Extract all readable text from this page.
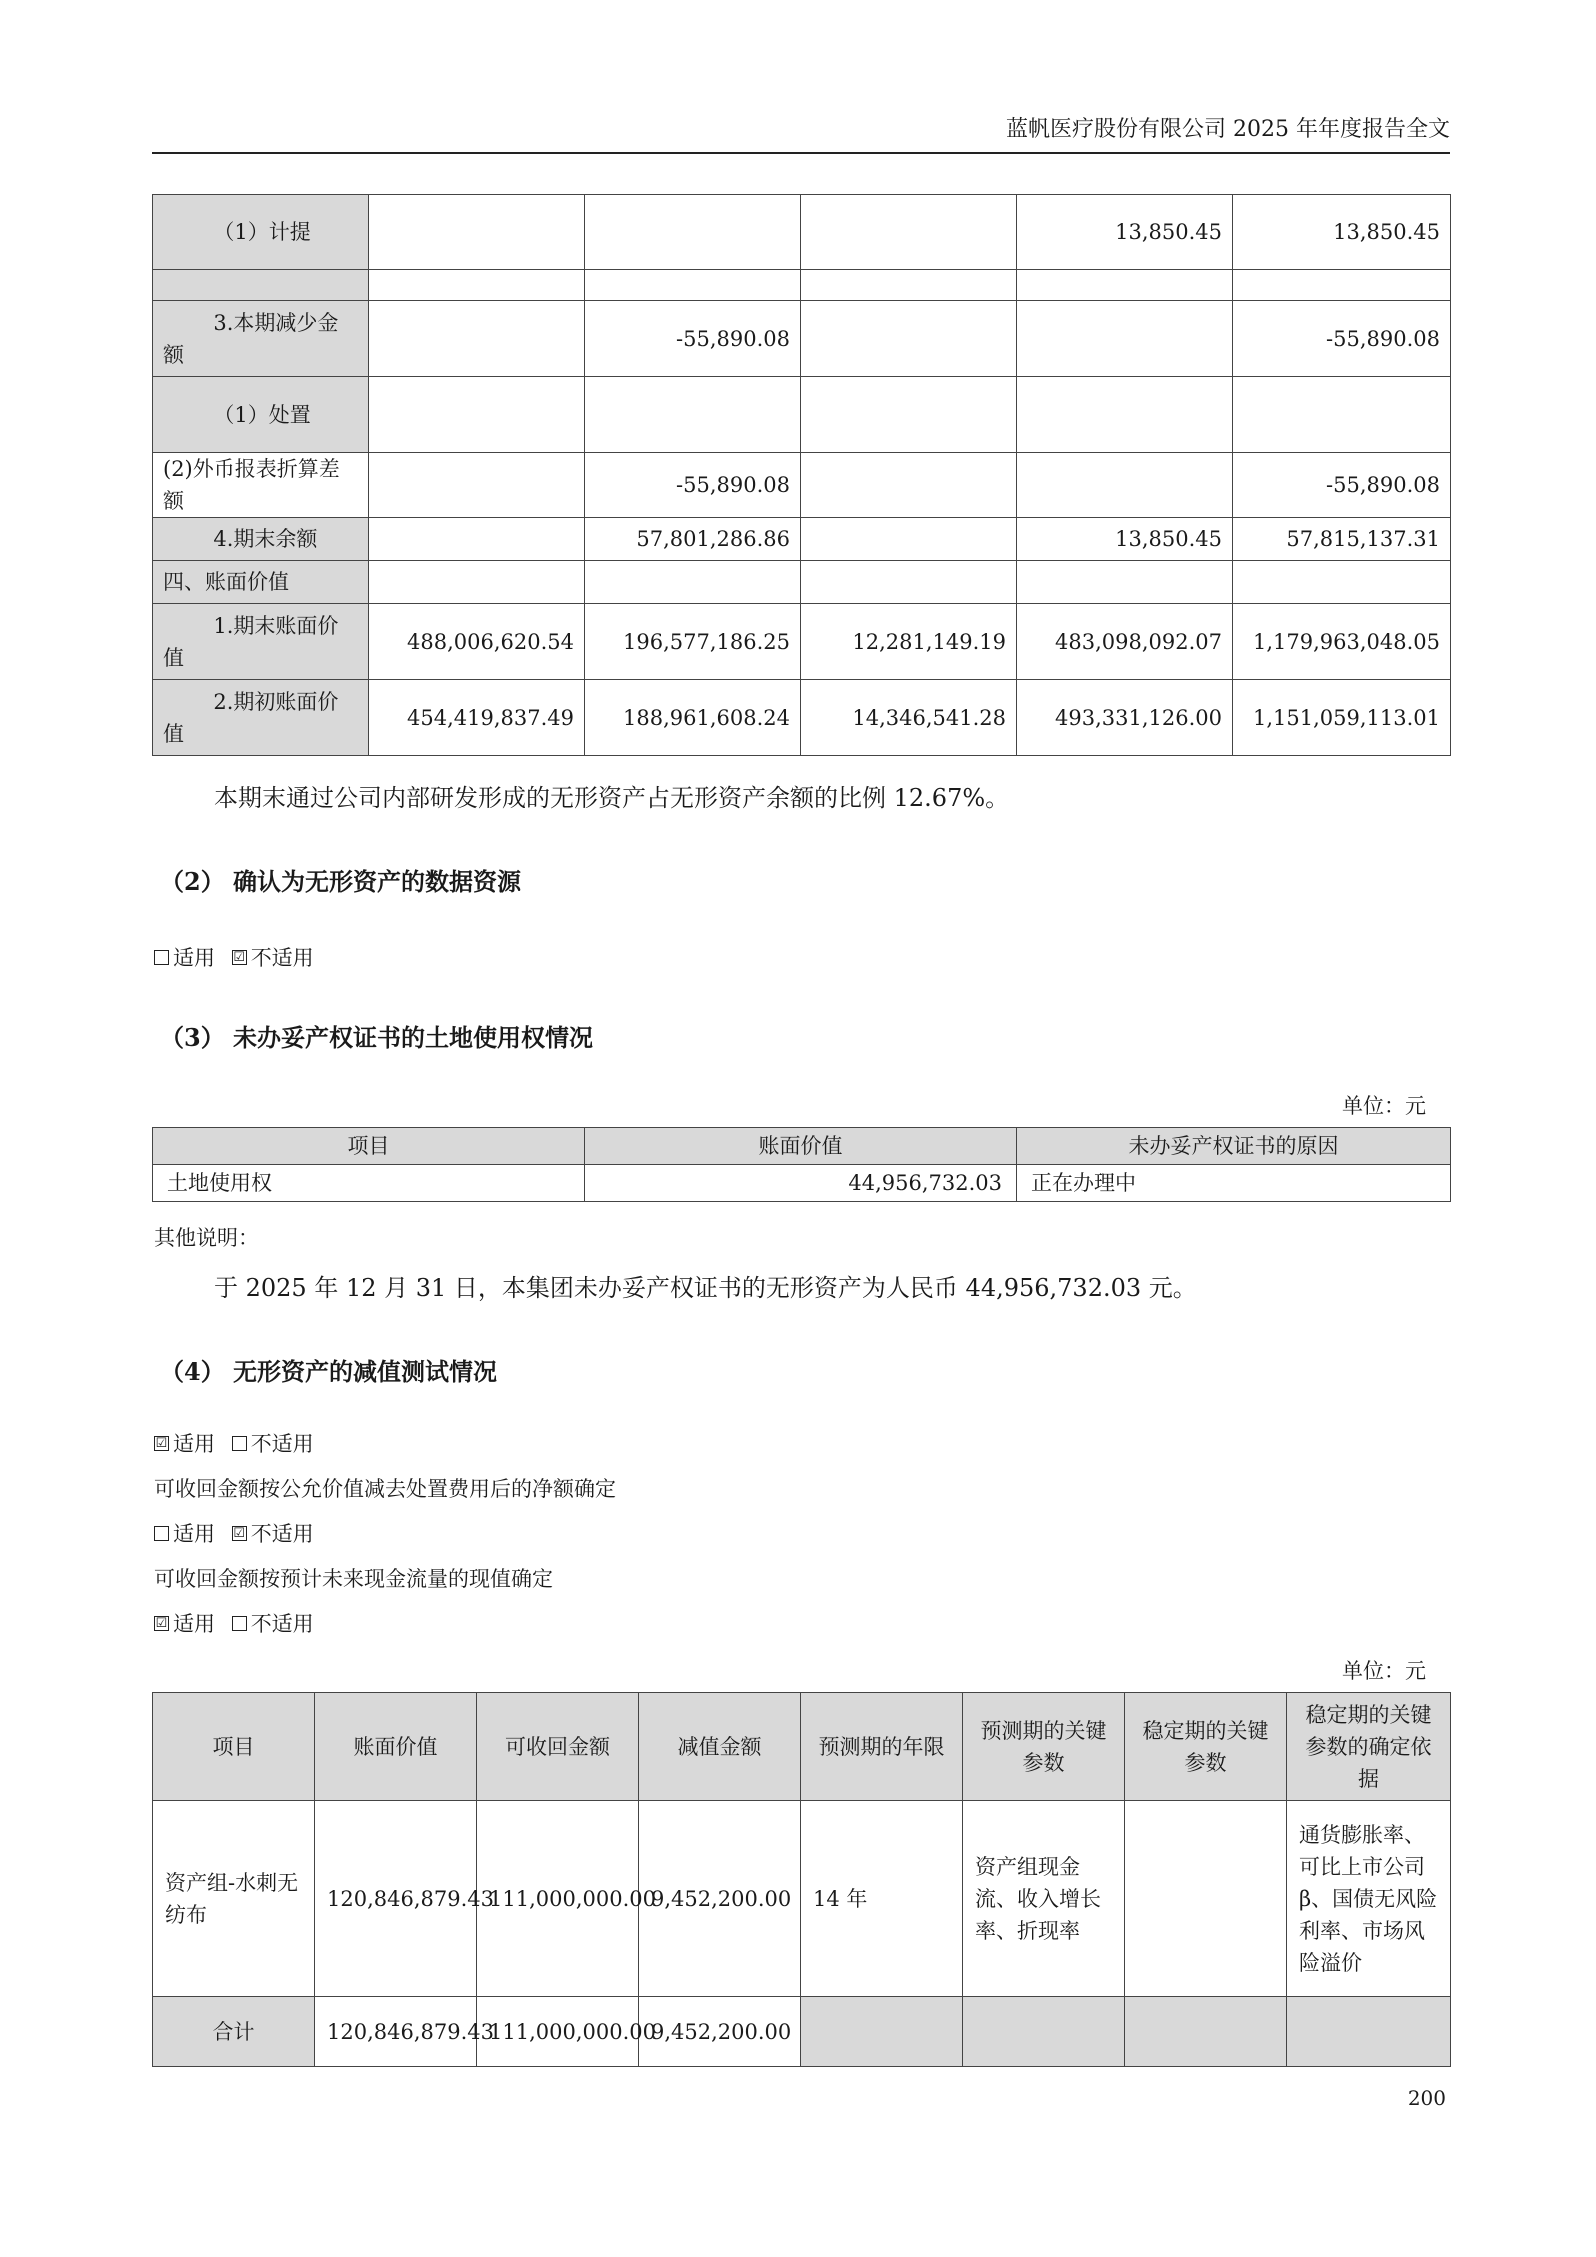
蓝帆医疗股份有限公司 2025 年年度报告全文
（1）计提				13,850.45	13,850.45

3.本期减少金额		-55,890.08			-55,890.08
（1）处置					
(2)外币报表折算差额		-55,890.08			-55,890.08
4.期末余额		57,801,286.86		13,850.45	57,815,137.31
四、账面价值					
1.期末账面价值	488,006,620.54	196,577,186.25	12,281,149.19	483,098,092.07	1,179,963,048.05
2.期初账面价值	454,419,837.49	188,961,608.24	14,346,541.28	493,331,126.00	1,151,059,113.01
本期末通过公司内部研发形成的无形资产占无形资产余额的比例 12.67%。
（2） 确认为无形资产的数据资源
适用 ☑ 不适用
（3） 未办妥产权证书的土地使用权情况
单位：元
项目	账面价值	未办妥产权证书的原因
土地使用权	44,956,732.03	正在办理中
其他说明：
于 2025 年 12 月 31 日，本集团未办妥产权证书的无形资产为人民币 44,956,732.03 元。
（4） 无形资产的减值测试情况
☑ 适用 不适用
可收回金额按公允价值减去处置费用后的净额确定
适用 ☑ 不适用
可收回金额按预计未来现金流量的现值确定
☑ 适用 不适用
单位：元
项目	账面价值	可收回金额	减值金额	预测期的年限	预测期的关键参数	稳定期的关键参数	稳定期的关键参数的确定依据
资产组-水刺无纺布	120,846,879.43	111,000,000.00	9,452,200.00	14 年	资产组现金流、收入增长率、折现率		通货膨胀率、可比上市公司β、国债无风险利率、市场风险溢价
合计	120,846,879.43	111,000,000.00	9,452,200.00				
200
